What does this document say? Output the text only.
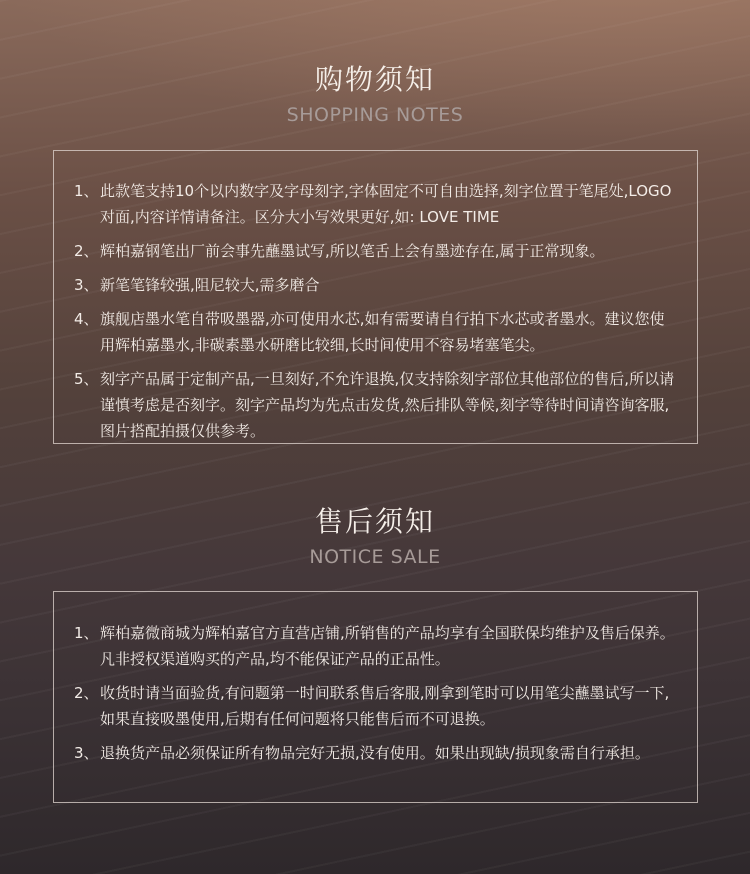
购物须知
SHOPPING NOTES
1、此款笔支持10个以内数字及字母刻字,字体固定不可自由选择,刻字位置于笔尾处,LOGO对面,内容详情请备注。区分大小写效果更好,如: LOVE TIME
2、辉柏嘉钢笔出厂前会事先蘸墨试写,所以笔舌上会有墨迹存在,属于正常现象。
3、新笔笔锋较强,阻尼较大,需多磨合
4、旗舰店墨水笔自带吸墨器,亦可使用水芯,如有需要请自行拍下水芯或者墨水。建议您使用辉柏嘉墨水,非碳素墨水研磨比较细,长时间使用不容易堵塞笔尖。
5、刻字产品属于定制产品,一旦刻好,不允许退换,仅支持除刻字部位其他部位的售后,所以请谨慎考虑是否刻字。刻字产品均为先点击发货,然后排队等候,刻字等待时间请咨询客服,图片搭配拍摄仅供参考。
售后须知
NOTICE SALE
1、辉柏嘉微商城为辉柏嘉官方直营店铺,所销售的产品均享有全国联保均维护及售后保养。凡非授权渠道购买的产品,均不能保证产品的正品性。
2、收货时请当面验货,有问题第一时间联系售后客服,刚拿到笔时可以用笔尖蘸墨试写一下,如果直接吸墨使用,后期有任何问题将只能售后而不可退换。
3、退换货产品必须保证所有物品完好无损,没有使用。如果出现缺/损现象需自行承担。
